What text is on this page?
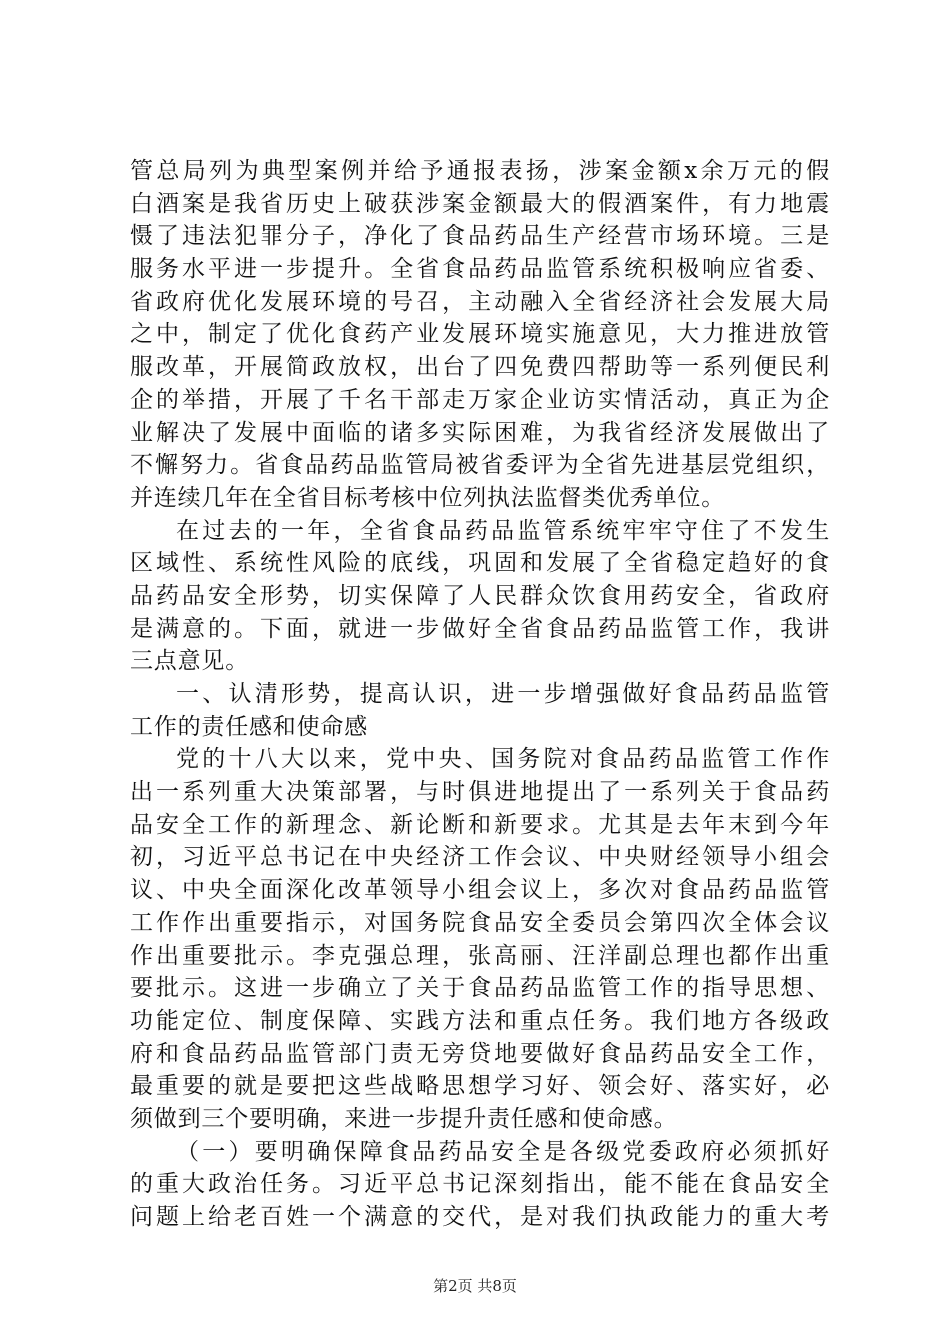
管总局列为典型案例并给予通报表扬，涉案金额x余万元的假
白酒案是我省历史上破获涉案金额最大的假酒案件，有力地震
慑了违法犯罪分子，净化了食品药品生产经营市场环境。三是
服务水平进一步提升。全省食品药品监管系统积极响应省委、
省政府优化发展环境的号召，主动融入全省经济社会发展大局
之中，制定了优化食药产业发展环境实施意见，大力推进放管
服改革，开展简政放权，出台了四免费四帮助等一系列便民利
企的举措，开展了千名干部走万家企业访实情活动，真正为企
业解决了发展中面临的诸多实际困难，为我省经济发展做出了
不懈努力。省食品药品监管局被省委评为全省先进基层党组织，
并连续几年在全省目标考核中位列执法监督类优秀单位。
在过去的一年，全省食品药品监管系统牢牢守住了不发生
区域性、系统性风险的底线，巩固和发展了全省稳定趋好的食
品药品安全形势，切实保障了人民群众饮食用药安全，省政府
是满意的。下面，就进一步做好全省食品药品监管工作，我讲
三点意见。
一、认清形势，提高认识，进一步增强做好食品药品监管
工作的责任感和使命感
党的十八大以来，党中央、国务院对食品药品监管工作作
出一系列重大决策部署，与时俱进地提出了一系列关于食品药
品安全工作的新理念、新论断和新要求。尤其是去年末到今年
初，习近平总书记在中央经济工作会议、中央财经领导小组会
议、中央全面深化改革领导小组会议上，多次对食品药品监管
工作作出重要指示，对国务院食品安全委员会第四次全体会议
作出重要批示。李克强总理，张高丽、汪洋副总理也都作出重
要批示。这进一步确立了关于食品药品监管工作的指导思想、
功能定位、制度保障、实践方法和重点任务。我们地方各级政
府和食品药品监管部门责无旁贷地要做好食品药品安全工作，
最重要的就是要把这些战略思想学习好、领会好、落实好，必
须做到三个要明确，来进一步提升责任感和使命感。
（一）要明确保障食品药品安全是各级党委政府必须抓好
的重大政治任务。习近平总书记深刻指出，能不能在食品安全
问题上给老百姓一个满意的交代，是对我们执政能力的重大考
第2页 共8页
